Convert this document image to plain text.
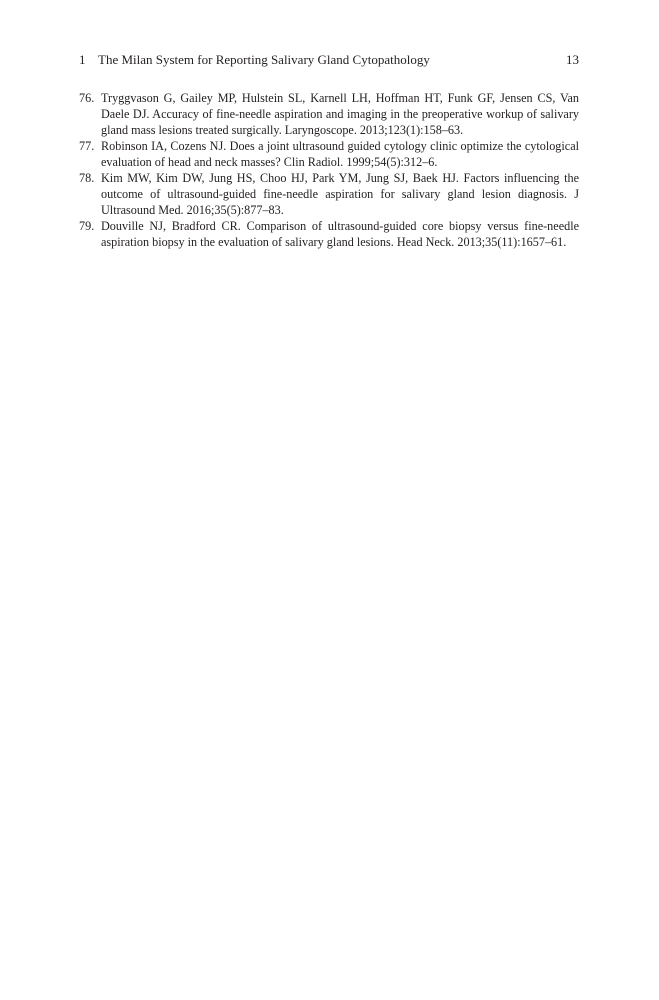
1 The Milan System for Reporting Salivary Gland Cytopathology	13
76. Tryggvason G, Gailey MP, Hulstein SL, Karnell LH, Hoffman HT, Funk GF, Jensen CS, Van Daele DJ. Accuracy of fine-needle aspiration and imaging in the preoperative workup of salivary gland mass lesions treated surgically. Laryngoscope. 2013;123(1):158–63.
77. Robinson IA, Cozens NJ. Does a joint ultrasound guided cytology clinic optimize the cytological evaluation of head and neck masses? Clin Radiol. 1999;54(5):312–6.
78. Kim MW, Kim DW, Jung HS, Choo HJ, Park YM, Jung SJ, Baek HJ. Factors influencing the outcome of ultrasound-guided fine-needle aspiration for salivary gland lesion diagnosis. J Ultrasound Med. 2016;35(5):877–83.
79. Douville NJ, Bradford CR. Comparison of ultrasound-guided core biopsy versus fine-needle aspiration biopsy in the evaluation of salivary gland lesions. Head Neck. 2013;35(11):1657–61.
